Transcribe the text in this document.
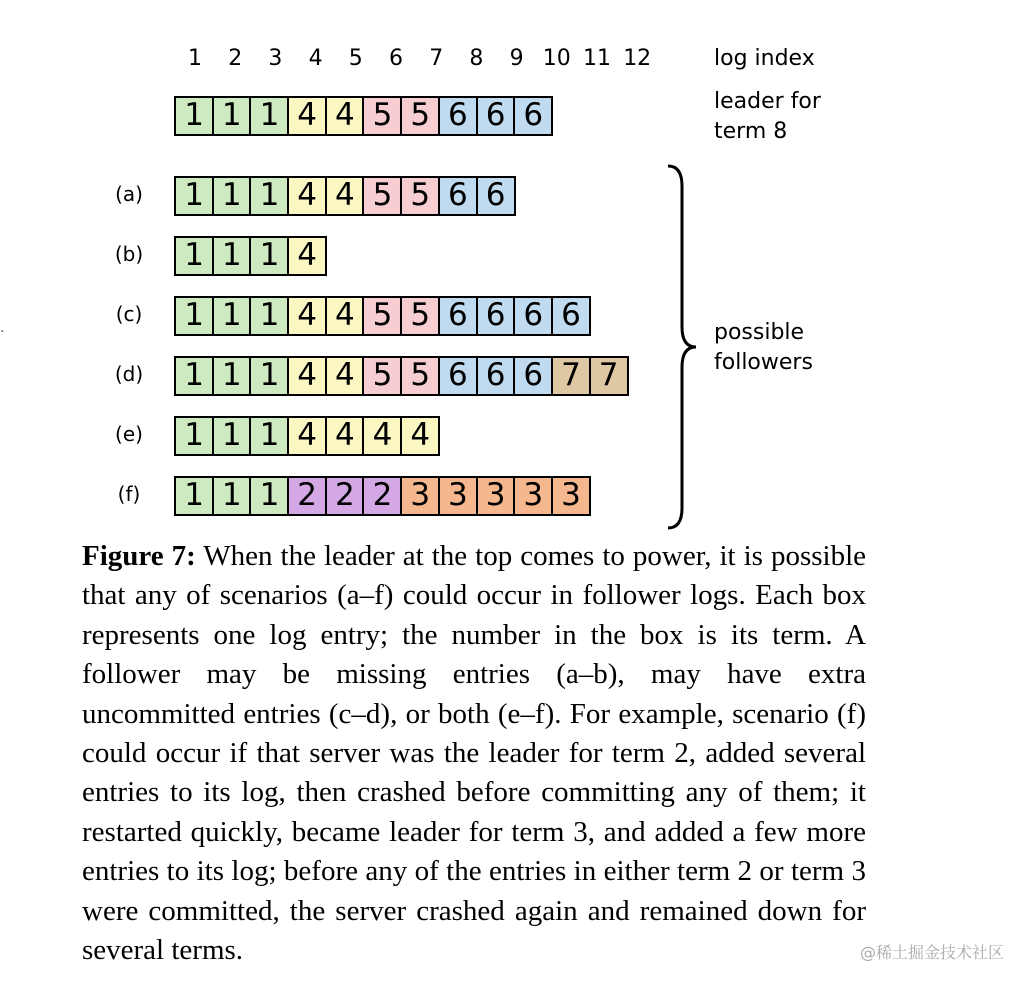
.
1	2	3	4	5	6	7	8	9 10 11 12	log index
1 1 1 4 4 5 5 6 6 6	leader for
term 8
(a)	1 1 1 4 4 5 5 6 6
(b)	1 1 1 4
(c)	1 1 1 4 4 5 5 6 6 6 6
(d)	1 1 1 4 4 5 5 6 6 6 7 7
(e)	1 1 1 4 4 4 4
(f)	1 1 1 2 2 2 3 3 3 3 3
possible
followers
Figure 7: When the leader at the top comes to power, it is possible that any of scenarios (a–f) could occur in follower logs. Each box represents one log entry; the number in the box is its term. A follower may be missing entries (a–b), may have extra uncommitted entries (c–d), or both (e–f). For example, scenario (f) could occur if that server was the leader for term 2, added several entries to its log, then crashed before committing any of them; it restarted quickly, became leader for term 3, and added a few more entries to its log; before any of the entries in either term 2 or term 3 were committed, the server crashed again and remained down for several terms.	@稀土掘金技术社区
